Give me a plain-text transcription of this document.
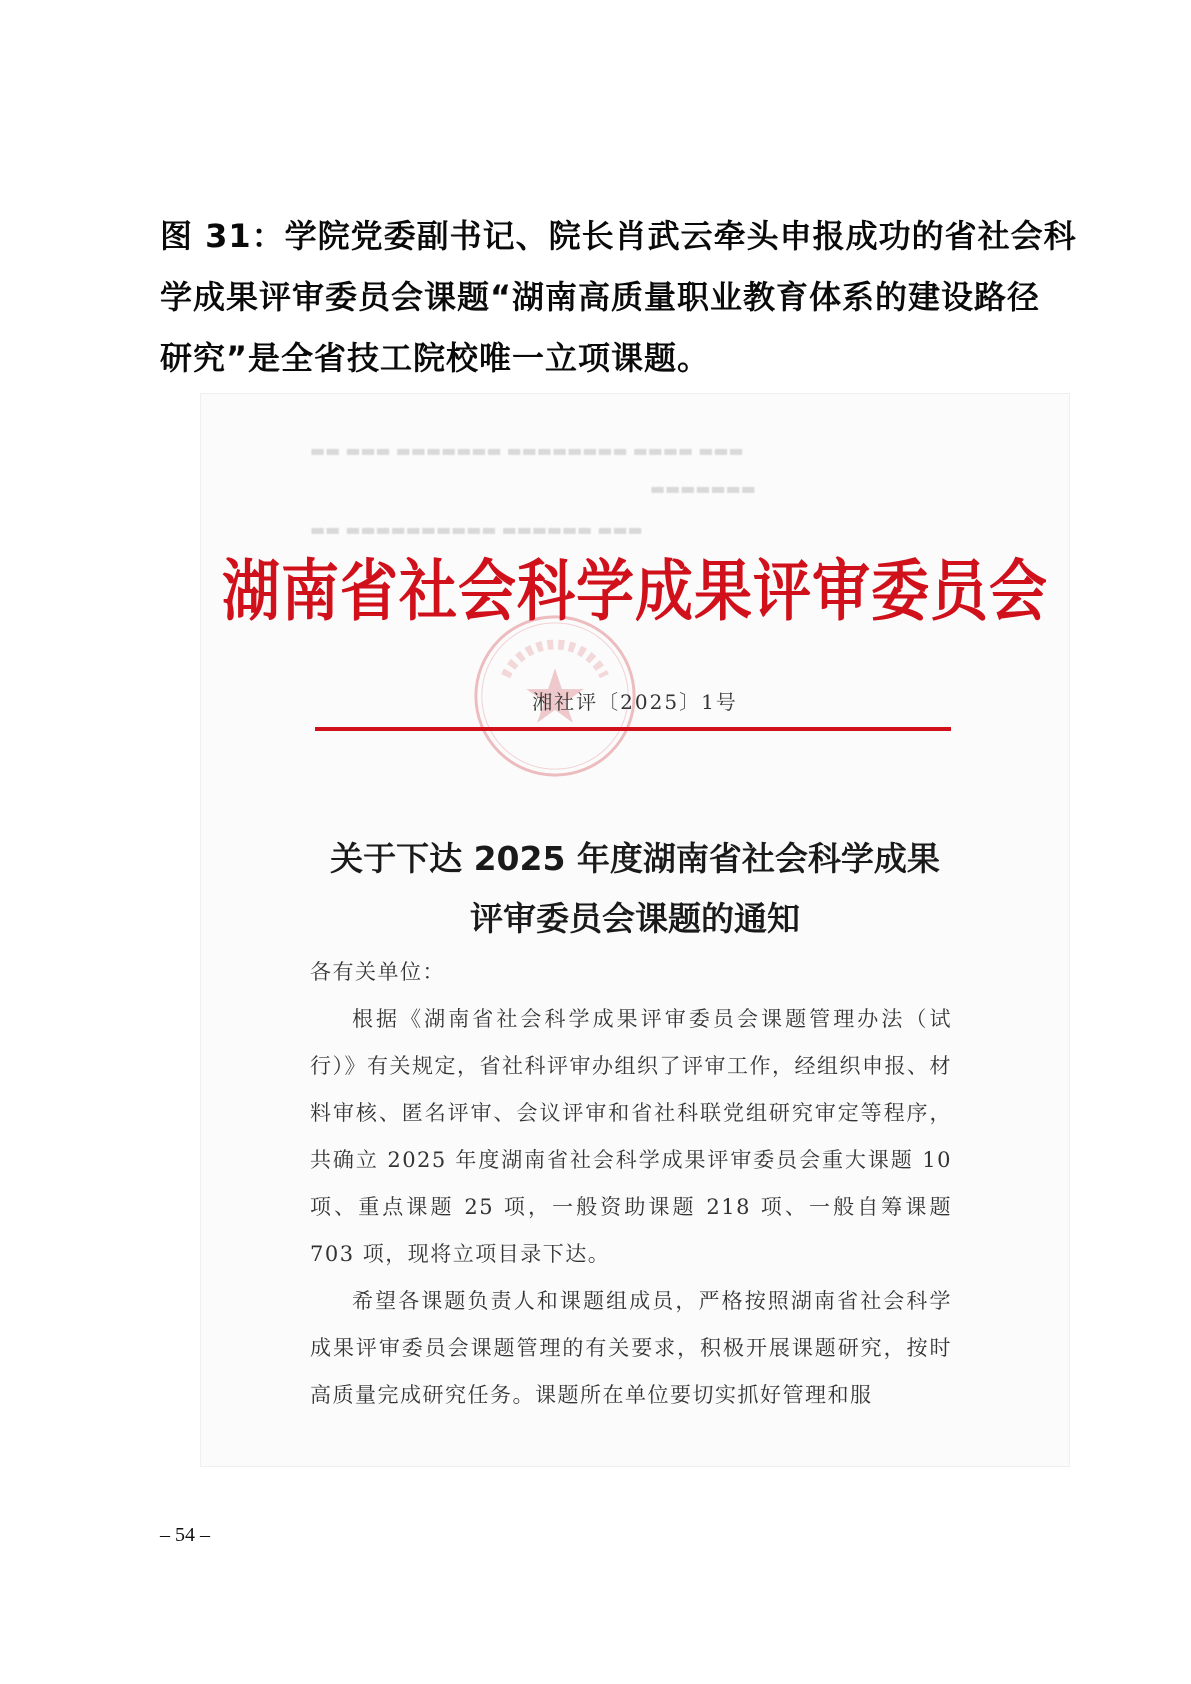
图 31：学院党委副书记、院长肖武云牵头申报成功的省社会科
学成果评审委员会课题“湖南高质量职业教育体系的建设路径
研究”是全省技工院校唯一立项课题。
▬▬ ▬▬▬ ▬▬▬▬▬▬▬ ▬▬▬▬▬▬▬▬ ▬▬▬▬ ▬▬▬
▬▬▬▬▬▬▬
▬▬ ▬▬▬▬▬▬▬▬▬▬ ▬▬▬▬▬▬ ▬▬▬
湖南省社会科学成果评审委员会
湘社评〔2025〕1号
关于下达 2025 年度湖南省社会科学成果
评审委员会课题的通知

各有关单位：

根据《湖南省社会科学成果评审委员会课题管理办法（试行）》有关规定，省社科评审办组织了评审工作，经组织申报、材料审核、匿名评审、会议评审和省社科联党组研究审定等程序，共确立 2025 年度湖南省社会科学成果评审委员会重大课题 10 项、重点课题 25 项，一般资助课题 218 项、一般自筹课题 703 项，现将立项目录下达。

希望各课题负责人和课题组成员，严格按照湖南省社会科学成果评审委员会课题管理的有关要求，积极开展课题研究，按时高质量完成研究任务。课题所在单位要切实抓好管理和服

– 54 –
